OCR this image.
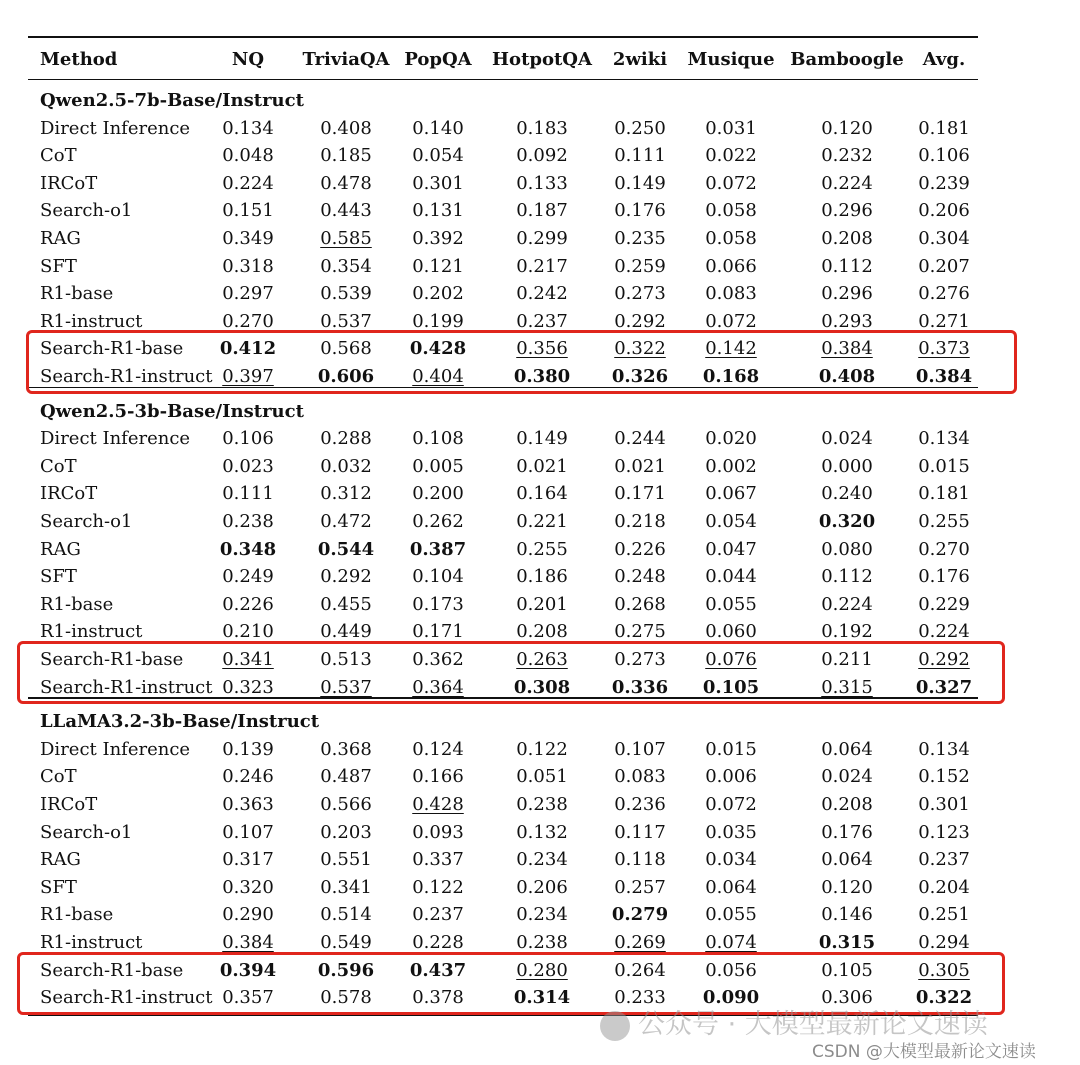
Method	NQ TriviaQA PopQA HotpotQA 2wiki Musique Bamboogle Avg.
Qwen2.5-7b-Base/Instruct
Direct Inference 0.134	0.408 0.140	0.183	0.250 0.031	0.120	0.181
CoT	0.048	0.185 0.054	0.092	0.111 0.022	0.232	0.106
IRCoT	0.224	0.478 0.301	0.133	0.149 0.072	0.224	0.239
Search-o1	0.151	0.443 0.131	0.187	0.176 0.058	0.296	0.206
RAG	0.349	0.585 0.392	0.299	0.235 0.058	0.208	0.304
SFT	0.318	0.354 0.121	0.217	0.259 0.066	0.112	0.207
R1-base	0.297	0.539 0.202	0.242	0.273 0.083	0.296	0.276
R1-instruct	0.270	0.537 0.199	0.237	0.292 0.072	0.293	0.271
Search-R1-base 0.412 0.568 0.428	0.356	0.322 0.142	0.384	0.373
Search-R1-instruct 0.397 0.606 0.404	0.380 0.326 0.168	0.408 0.384
Qwen2.5-3b-Base/Instruct
Direct Inference 0.106	0.288 0.108	0.149	0.244 0.020	0.024	0.134
CoT	0.023	0.032 0.005	0.021	0.021 0.002	0.000	0.015
IRCoT	0.111	0.312 0.200	0.164	0.171 0.067	0.240	0.181
Search-o1	0.238	0.472 0.262	0.221	0.218 0.054	0.320 0.255
RAG	0.348 0.544 0.387	0.255	0.226 0.047	0.080	0.270
SFT	0.249	0.292 0.104	0.186	0.248 0.044	0.112	0.176
R1-base	0.226	0.455 0.173	0.201	0.268 0.055	0.224	0.229
R1-instruct	0.210	0.449 0.171	0.208	0.275 0.060	0.192	0.224
Search-R1-base 0.341	0.513 0.362	0.263	0.273 0.076	0.211	0.292
Search-R1-instruct 0.323	0.537 0.364	0.308 0.336 0.105	0.315 0.327
LLaMA3.2-3b-Base/Instruct
Direct Inference 0.139	0.368 0.124	0.122	0.107 0.015	0.064	0.134
CoT	0.246	0.487 0.166	0.051	0.083 0.006	0.024	0.152
IRCoT	0.363	0.566 0.428	0.238	0.236 0.072	0.208	0.301
Search-o1	0.107	0.203 0.093	0.132	0.117 0.035	0.176	0.123
RAG	0.317	0.551 0.337	0.234	0.118 0.034	0.064	0.237
SFT	0.320	0.341 0.122	0.206	0.257 0.064	0.120	0.204
R1-base	0.290	0.514 0.237	0.234 0.279 0.055	0.146	0.251
R1-instruct	0.384	0.549 0.228	0.238	0.269 0.074	0.315 0.294
Search-R1-base 0.394 0.596 0.437	0.280	0.264 0.056	0.105	0.305
Search-R1-instruct 0.357	0.578 0.378	0.314 0.233 0.090	0.306 0.322
公众号 · 大模型最新论文速读
CSDN @大模型最新论文速读
